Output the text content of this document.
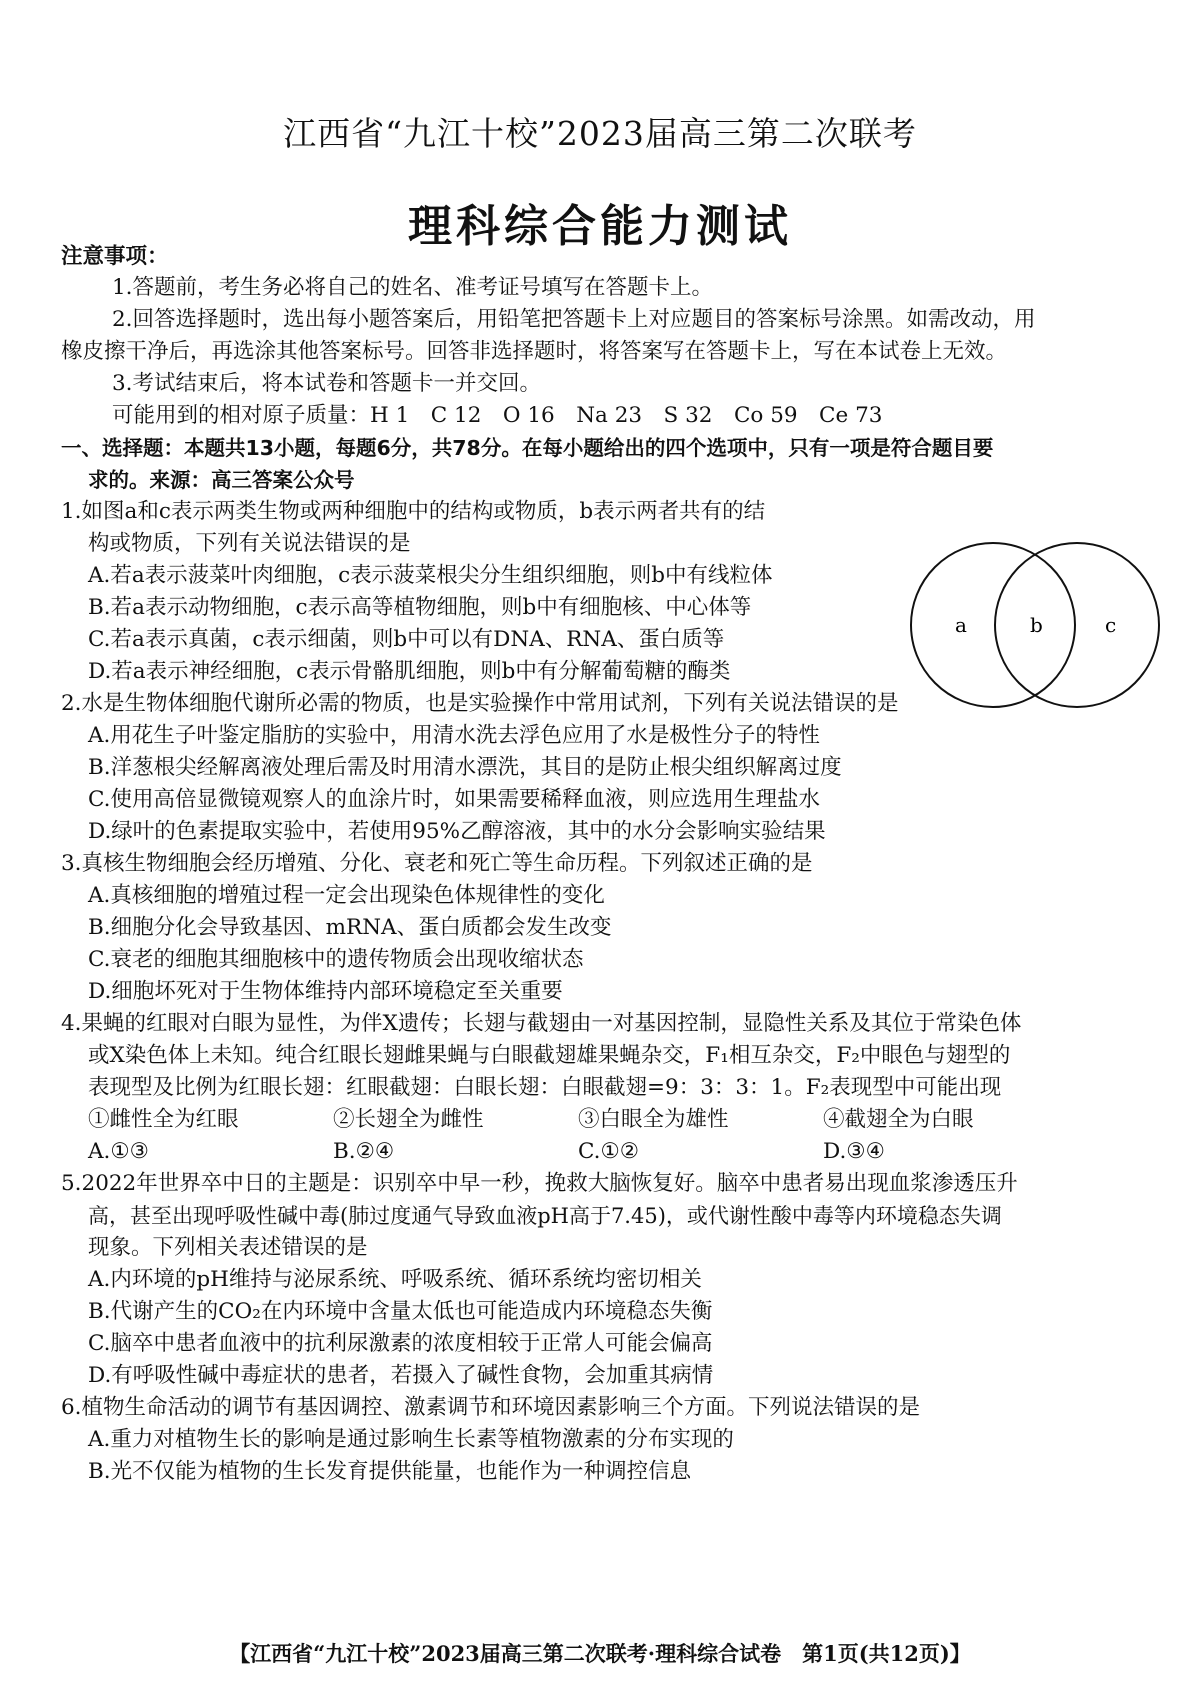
江西省“九江十校”2023届高三第二次联考
理科综合能力测试
注意事项：
1.答题前，考生务必将自己的姓名、准考证号填写在答题卡上。
2.回答选择题时，选出每小题答案后，用铅笔把答题卡上对应题目的答案标号涂黑。如需改动，用
橡皮擦干净后，再选涂其他答案标号。回答非选择题时，将答案写在答题卡上，写在本试卷上无效。
3.考试结束后，将本试卷和答题卡一并交回。
可能用到的相对原子质量：H 1　C 12　O 16　Na 23　S 32　Co 59　Ce 73
一、选择题：本题共13小题，每题6分，共78分。在每小题给出的四个选项中，只有一项是符合题目要
求的。来源：高三答案公众号
1.如图a和c表示两类生物或两种细胞中的结构或物质，b表示两者共有的结
构或物质，下列有关说法错误的是
A.若a表示菠菜叶肉细胞，c表示菠菜根尖分生组织细胞，则b中有线粒体
B.若a表示动物细胞，c表示高等植物细胞，则b中有细胞核、中心体等
C.若a表示真菌，c表示细菌，则b中可以有DNA、RNA、蛋白质等
D.若a表示神经细胞，c表示骨骼肌细胞，则b中有分解葡萄糖的酶类
a	b	c
2.水是生物体细胞代谢所必需的物质，也是实验操作中常用试剂，下列有关说法错误的是
A.用花生子叶鉴定脂肪的实验中，用清水洗去浮色应用了水是极性分子的特性
B.洋葱根尖经解离液处理后需及时用清水漂洗，其目的是防止根尖组织解离过度
C.使用高倍显微镜观察人的血涂片时，如果需要稀释血液，则应选用生理盐水
D.绿叶的色素提取实验中，若使用95%乙醇溶液，其中的水分会影响实验结果
3.真核生物细胞会经历增殖、分化、衰老和死亡等生命历程。下列叙述正确的是
A.真核细胞的增殖过程一定会出现染色体规律性的变化
B.细胞分化会导致基因、mRNA、蛋白质都会发生改变
C.衰老的细胞其细胞核中的遗传物质会出现收缩状态
D.细胞坏死对于生物体维持内部环境稳定至关重要
4.果蝇的红眼对白眼为显性，为伴X遗传；长翅与截翅由一对基因控制，显隐性关系及其位于常染色体
或X染色体上未知。纯合红眼长翅雌果蝇与白眼截翅雄果蝇杂交，F₁相互杂交，F₂中眼色与翅型的
表现型及比例为红眼长翅：红眼截翅：白眼长翅：白眼截翅=9：3：3：1。F₂表现型中可能出现
①雌性全为红眼	②长翅全为雌性	③白眼全为雄性	④截翅全为白眼
A.①③	B.②④	C.①②	D.③④
5.2022年世界卒中日的主题是：识别卒中早一秒，挽救大脑恢复好。脑卒中患者易出现血浆渗透压升
高，甚至出现呼吸性碱中毒(肺过度通气导致血液pH高于7.45)，或代谢性酸中毒等内环境稳态失调
现象。下列相关表述错误的是
A.内环境的pH维持与泌尿系统、呼吸系统、循环系统均密切相关
B.代谢产生的CO₂在内环境中含量太低也可能造成内环境稳态失衡
C.脑卒中患者血液中的抗利尿激素的浓度相较于正常人可能会偏高
D.有呼吸性碱中毒症状的患者，若摄入了碱性食物，会加重其病情
6.植物生命活动的调节有基因调控、激素调节和环境因素影响三个方面。下列说法错误的是
A.重力对植物生长的影响是通过影响生长素等植物激素的分布实现的
B.光不仅能为植物的生长发育提供能量，也能作为一种调控信息
【江西省“九江十校”2023届高三第二次联考·理科综合试卷　第1页(共12页)】
